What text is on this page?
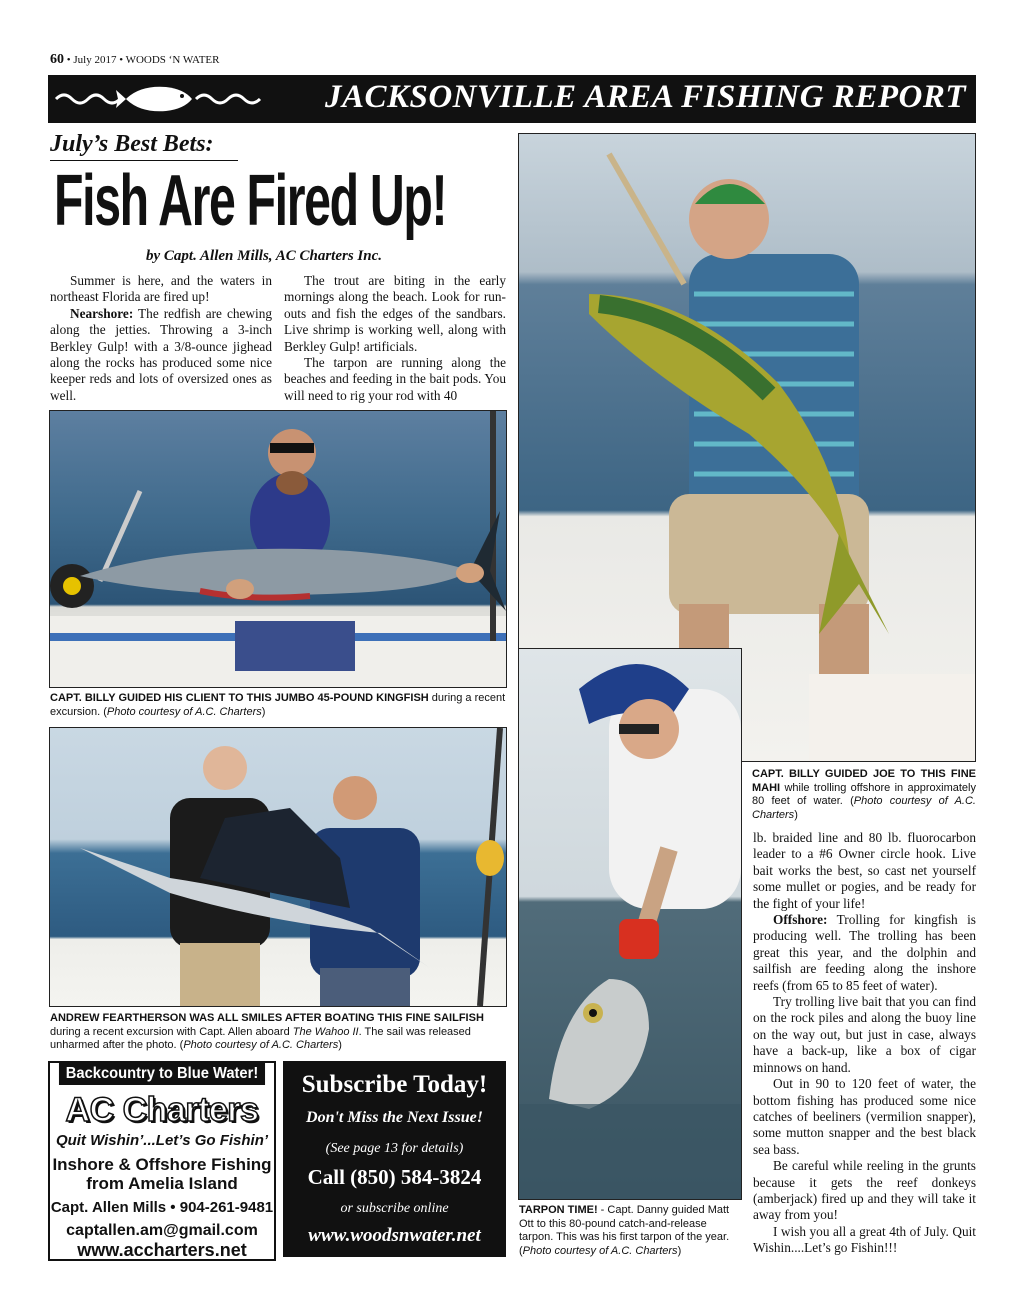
60 • July 2017 • WOODS ‘N WATER
JACKSONVILLE AREA FISHING REPORT
July’s Best Bets:
Fish Are Fired Up!
by Capt. Allen Mills, AC Charters Inc.

Summer is here, and the waters in northeast Florida are fired up!

Nearshore: The redfish are chewing along the jetties. Throwing a 3-inch Berkley Gulp! with a 3/8-ounce jighead along the rocks has produced some nice keeper reds and lots of oversized ones as well.

The trout are biting in the early mornings along the beach. Look for run-outs and fish the edges of the sandbars. Live shrimp is working well, along with Berkley Gulp! artificials.

The tarpon are running along the beaches and feeding in the bait pods. You will need to rig your rod with 40

lb. braided line and 80 lb. fluorocarbon leader to a #6 Owner circle hook. Live bait works the best, so cast net yourself some mullet or pogies, and be ready for the fight of your life!

Offshore: Trolling for kingfish is producing well. The trolling has been great this year, and the dolphin and sailfish are feeding along the inshore reefs (from 65 to 85 feet of water).

Try trolling live bait that you can find on the rock piles and along the buoy line on the way out, but just in case, always have a back-up, like a box of cigar minnows on hand.

Out in 90 to 120 feet of water, the bottom fishing has produced some nice catches of beeliners (vermilion snapper), some mutton snapper and the best black sea bass.

Be careful while reeling in the grunts because it gets the reef donkeys (amberjack) fired up and they will take it away from you!

I wish you all a great 4th of July. Quit Wishin....Let’s go Fishin!!!

CAPT. BILLY GUIDED HIS CLIENT TO THIS JUMBO 45-POUND KINGFISH during a recent excursion. (Photo courtesy of A.C. Charters)
CAPT. BILLY GUIDED JOE TO THIS FINE MAHI while trolling offshore in approximately 80 feet of water. (Photo courtesy of A.C. Charters)
ANDREW FEARTHERSON WAS ALL SMILES AFTER BOATING THIS FINE SAILFISH during a recent excursion with Capt. Allen aboard The Wahoo II. The sail was released unharmed after the photo. (Photo courtesy of A.C. Charters)
TARPON TIME! - Capt. Danny guided Matt Ott to this 80-pound catch-and-release tarpon. This was his first tarpon of the year. (Photo courtesy of A.C. Charters)
Backcountry to Blue Water!
AC Charters
Quit Wishin’...Let’s Go Fishin’
Inshore & Offshore Fishing
from Amelia Island
Capt. Allen Mills • 904-261-9481
captallen.am@gmail.com
www.accharters.net
Subscribe Today!
Don't Miss the Next Issue!
(See page 13 for details)
Call (850) 584-3824
or subscribe online
www.woodsnwater.net
